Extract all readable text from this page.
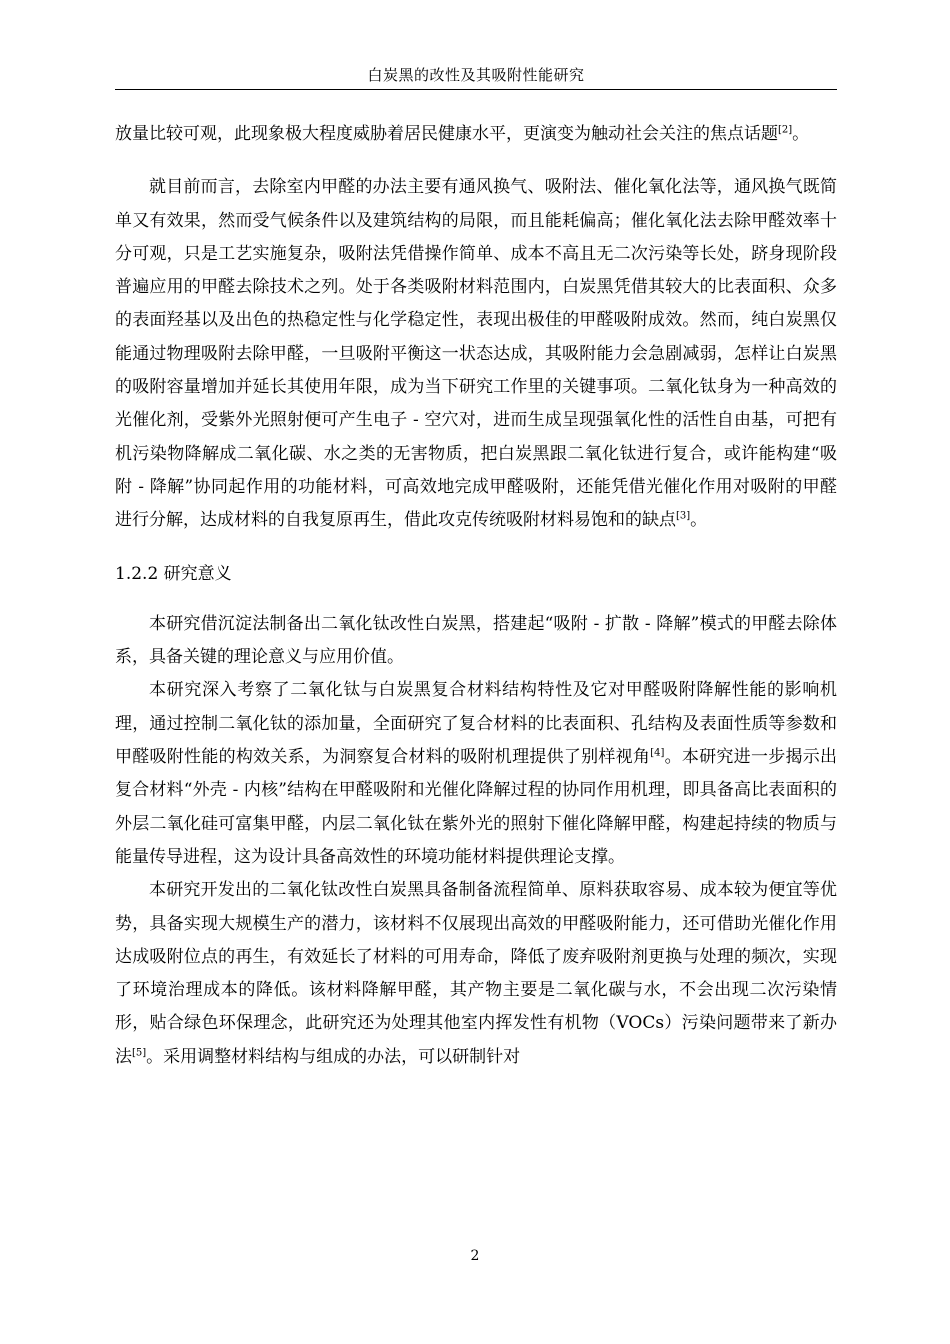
白炭黑的改性及其吸附性能研究

放量比较可观，此现象极大程度威胁着居民健康水平，更演变为触动社会关注的焦点话题[2]。

就目前而言，去除室内甲醛的办法主要有通风换气、吸附法、催化氧化法等，通风换气既简单又有效果，然而受气候条件以及建筑结构的局限，而且能耗偏高；催化氧化法去除甲醛效率十分可观，只是工艺实施复杂，吸附法凭借操作简单、成本不高且无二次污染等长处，跻身现阶段普遍应用的甲醛去除技术之列。处于各类吸附材料范围内，白炭黑凭借其较大的比表面积、众多的表面羟基以及出色的热稳定性与化学稳定性，表现出极佳的甲醛吸附成效。然而，纯白炭黑仅能通过物理吸附去除甲醛，一旦吸附平衡这一状态达成，其吸附能力会急剧减弱，怎样让白炭黑的吸附容量增加并延长其使用年限，成为当下研究工作里的关键事项。二氧化钛身为一种高效的光催化剂，受紫外光照射便可产生电子 - 空穴对，进而生成呈现强氧化性的活性自由基，可把有机污染物降解成二氧化碳、水之类的无害物质，把白炭黑跟二氧化钛进行复合，或许能构建“吸附 - 降解”协同起作用的功能材料，可高效地完成甲醛吸附，还能凭借光催化作用对吸附的甲醛进行分解，达成材料的自我复原再生，借此攻克传统吸附材料易饱和的缺点[3]。

1.2.2 研究意义

本研究借沉淀法制备出二氧化钛改性白炭黑，搭建起“吸附 - 扩散 - 降解”模式的甲醛去除体系，具备关键的理论意义与应用价值。

本研究深入考察了二氧化钛与白炭黑复合材料结构特性及它对甲醛吸附降解性能的影响机理，通过控制二氧化钛的添加量，全面研究了复合材料的比表面积、孔结构及表面性质等参数和甲醛吸附性能的构效关系，为洞察复合材料的吸附机理提供了别样视角[4]。本研究进一步揭示出复合材料“外壳 - 内核”结构在甲醛吸附和光催化降解过程的协同作用机理，即具备高比表面积的外层二氧化硅可富集甲醛，内层二氧化钛在紫外光的照射下催化降解甲醛，构建起持续的物质与能量传导进程，这为设计具备高效性的环境功能材料提供理论支撑。

本研究开发出的二氧化钛改性白炭黑具备制备流程简单、原料获取容易、成本较为便宜等优势，具备实现大规模生产的潜力，该材料不仅展现出高效的甲醛吸附能力，还可借助光催化作用达成吸附位点的再生，有效延长了材料的可用寿命，降低了废弃吸附剂更换与处理的频次，实现了环境治理成本的降低。该材料降解甲醛，其产物主要是二氧化碳与水，不会出现二次污染情形，贴合绿色环保理念，此研究还为处理其他室内挥发性有机物（VOCs）污染问题带来了新办法[5]。采用调整材料结构与组成的办法，可以研制针对

2
